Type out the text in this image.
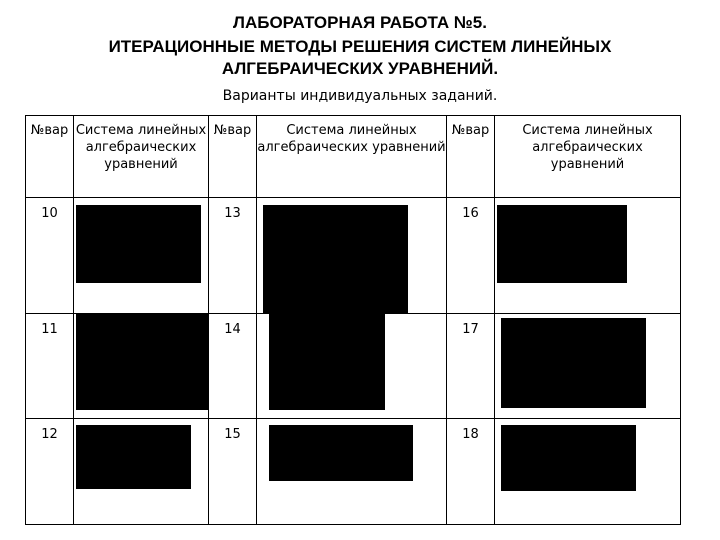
ЛАБОРАТОРНАЯ РАБОТА №5.
ИТЕРАЦИОННЫЕ МЕТОДЫ РЕШЕНИЯ СИСТЕМ ЛИНЕЙНЫХ
АЛГЕБРАИЧЕСКИХ УРАВНЕНИЙ.
Варианты индивидуальных заданий.
№вар	Система линейных алгебраических уравнений	№вар	Система линейных алгебраических уравнений	№вар	Система линейных алгебраических уравнений
10		13		16	

11		14		17	

12		15		18	
